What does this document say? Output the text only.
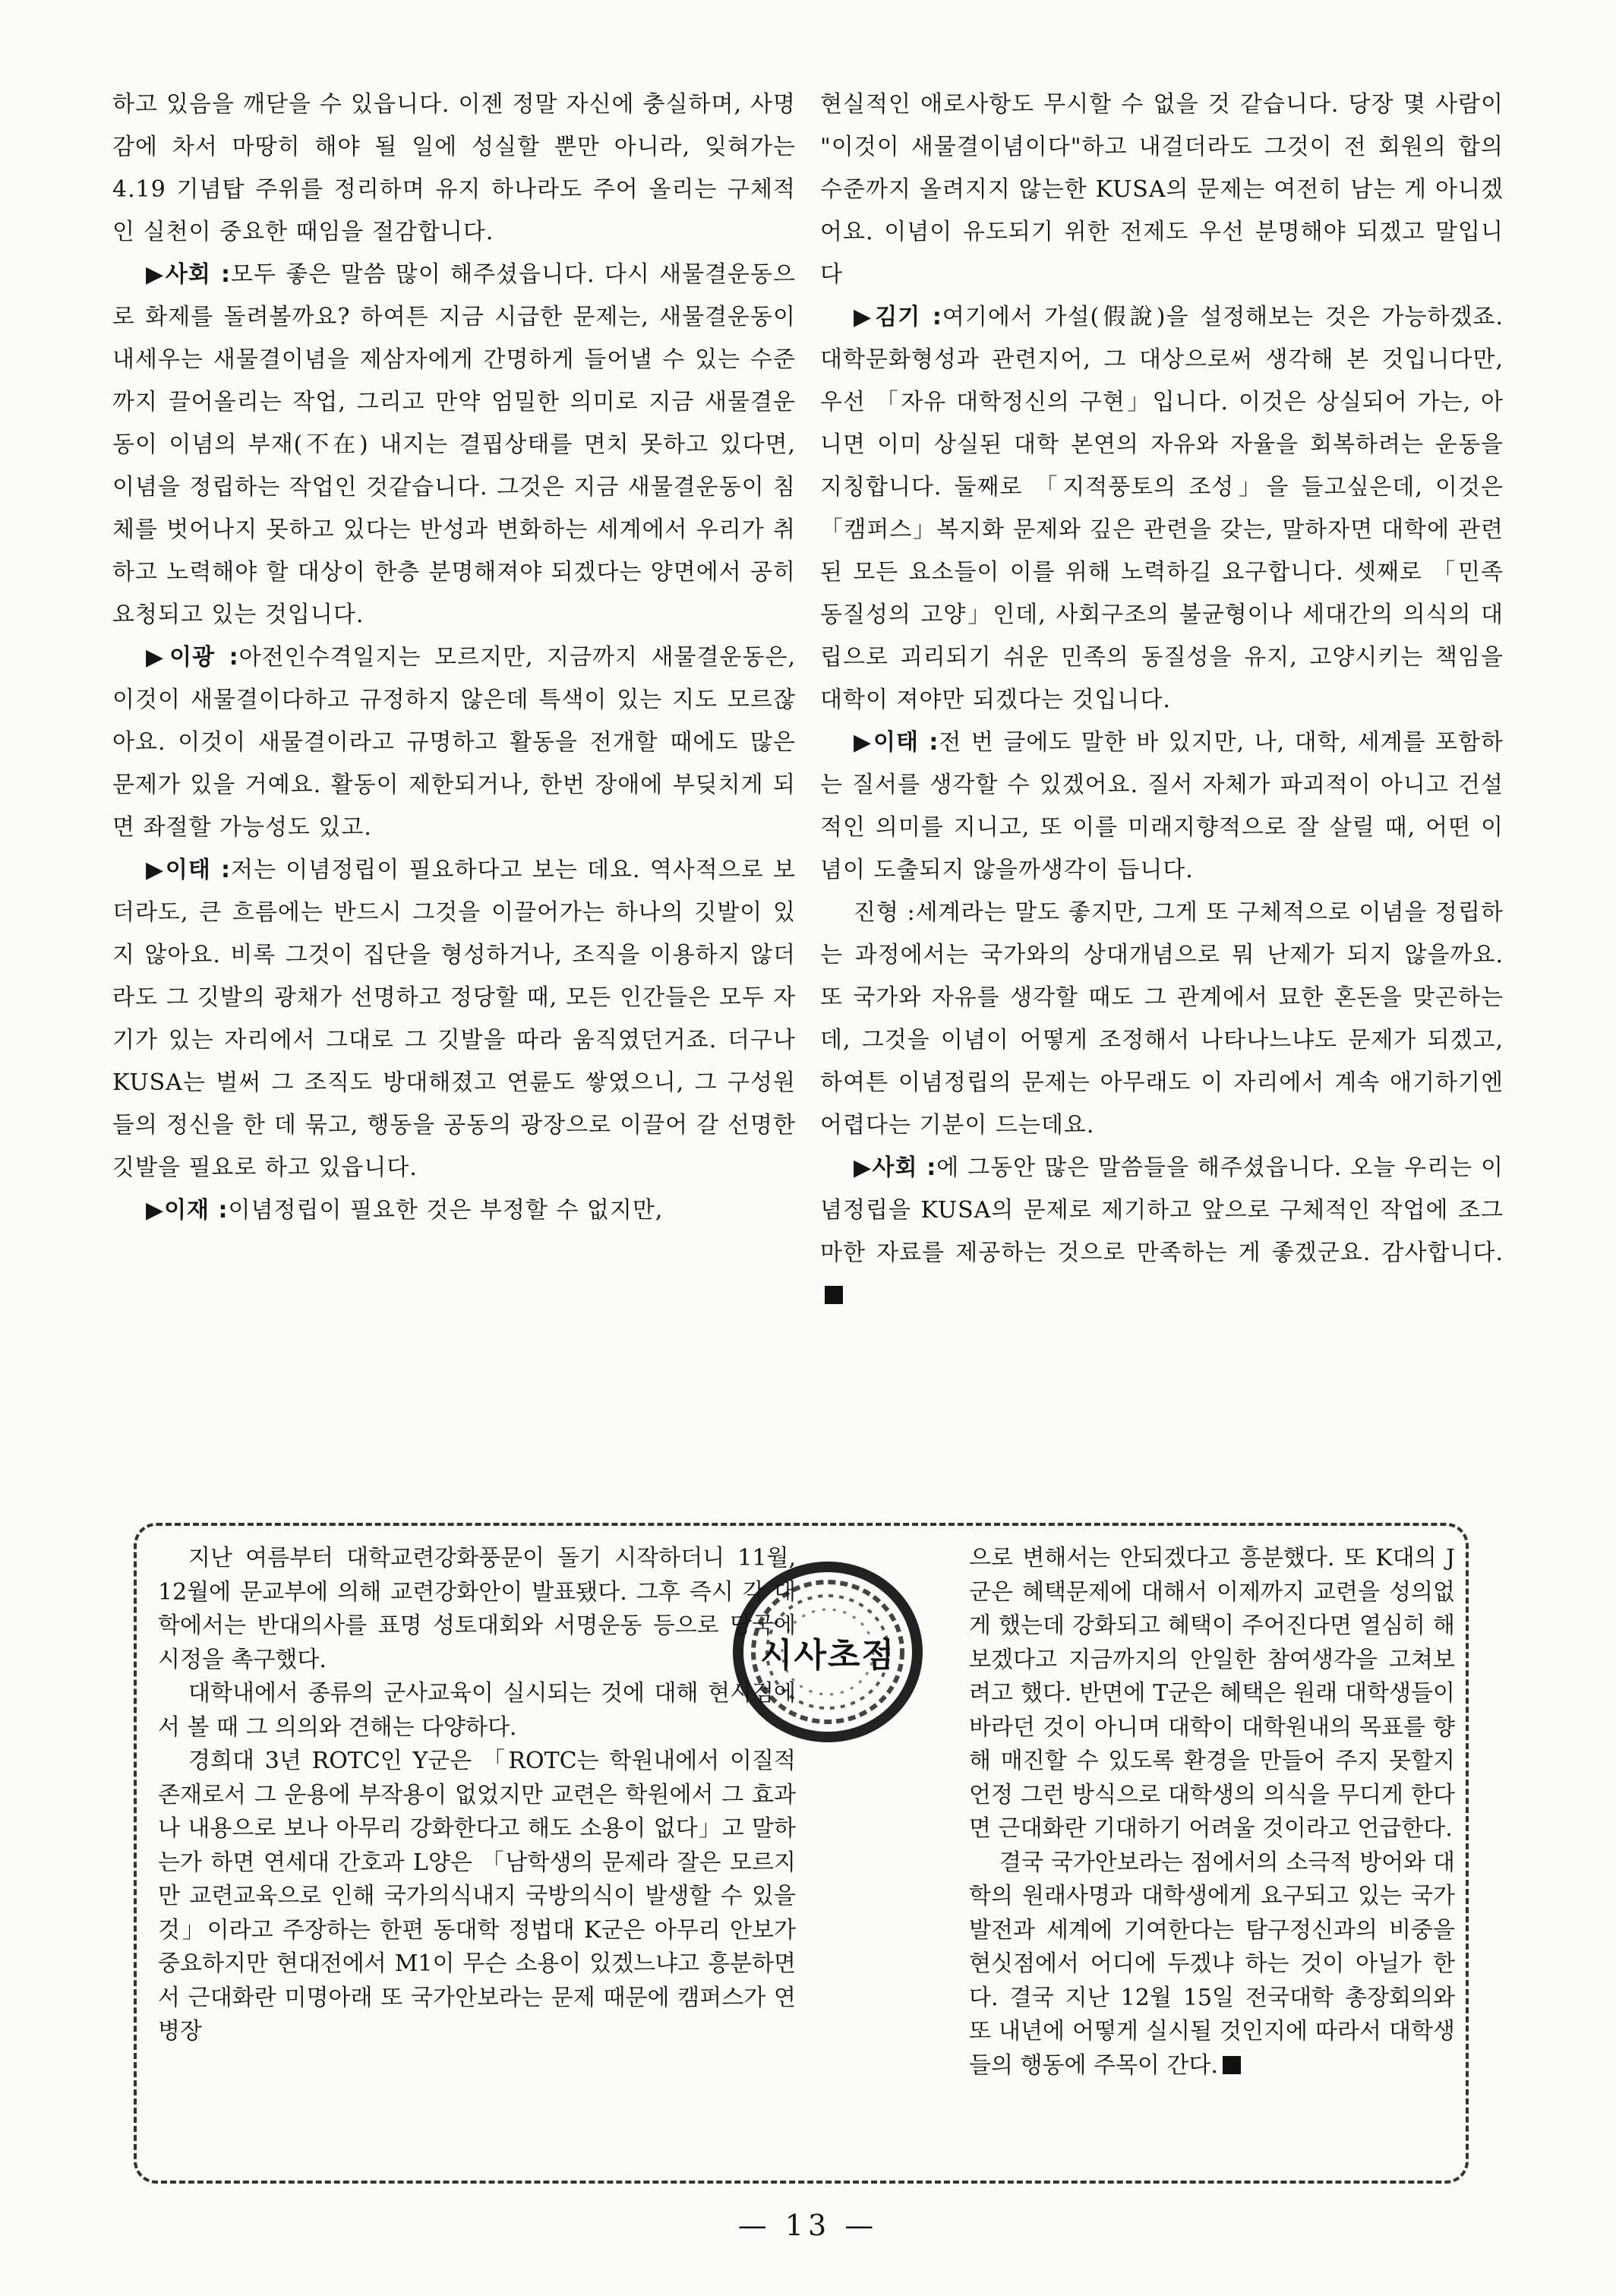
하고 있음을 깨닫을 수 있읍니다. 이젠 정말 자신에 충실하며, 사명감에 차서 마땅히 해야 될 일에 성실할 뿐만 아니라, 잊혀가는 4.19 기념탑 주위를 정리하며 유지 하나라도 주어 올리는 구체적인 실천이 중요한 때임을 절감합니다.

▶사회 :모두 좋은 말씀 많이 해주셨읍니다. 다시 새물결운동으로 화제를 돌려볼까요? 하여튼 지금 시급한 문제는, 새물결운동이 내세우는 새물결이념을 제삼자에게 간명하게 들어낼 수 있는 수준까지 끌어올리는 작업, 그리고 만약 엄밀한 의미로 지금 새물결운동이 이념의 부재(不在) 내지는 결핍상태를 면치 못하고 있다면, 이념을 정립하는 작업인 것같습니다. 그것은 지금 새물결운동이 침체를 벗어나지 못하고 있다는 반성과 변화하는 세계에서 우리가 취하고 노력해야 할 대상이 한층 분명해져야 되겠다는 양면에서 공히 요청되고 있는 것입니다.

▶이광 :아전인수격일지는 모르지만, 지금까지 새물결운동은, 이것이 새물결이다하고 규정하지 않은데 특색이 있는 지도 모르잖아요. 이것이 새물결이라고 규명하고 활동을 전개할 때에도 많은 문제가 있을 거예요. 활동이 제한되거나, 한번 장애에 부딪치게 되면 좌절할 가능성도 있고.

▶이태 :저는 이념정립이 필요하다고 보는 데요. 역사적으로 보더라도, 큰 흐름에는 반드시 그것을 이끌어가는 하나의 깃발이 있지 않아요. 비록 그것이 집단을 형성하거나, 조직을 이용하지 않더라도 그 깃발의 광채가 선명하고 정당할 때, 모든 인간들은 모두 자기가 있는 자리에서 그대로 그 깃발을 따라 움직였던거죠. 더구나 KUSA는 벌써 그 조직도 방대해졌고 연륜도 쌓였으니, 그 구성원들의 정신을 한 데 묶고, 행동을 공동의 광장으로 이끌어 갈 선명한 깃발을 필요로 하고 있읍니다.

▶이재 :이념정립이 필요한 것은 부정할 수 없지만,

현실적인 애로사항도 무시할 수 없을 것 같습니다. 당장 몇 사람이 "이것이 새물결이념이다"하고 내걸더라도 그것이 전 회원의 합의수준까지 올려지지 않는한 KUSA의 문제는 여전히 남는 게 아니겠어요. 이념이 유도되기 위한 전제도 우선 분명해야 되겠고 말입니다

▶김기 :여기에서 가설(假說)을 설정해보는 것은 가능하겠죠. 대학문화형성과 관련지어, 그 대상으로써 생각해 본 것입니다만, 우선 「자유 대학정신의 구현」입니다. 이것은 상실되어 가는, 아니면 이미 상실된 대학 본연의 자유와 자율을 회복하려는 운동을 지칭합니다. 둘째로 「지적풍토의 조성」을 들고싶은데, 이것은 「캠퍼스」복지화 문제와 깊은 관련을 갖는, 말하자면 대학에 관련된 모든 요소들이 이를 위해 노력하길 요구합니다. 셋째로 「민족 동질성의 고양」인데, 사회구조의 불균형이나 세대간의 의식의 대립으로 괴리되기 쉬운 민족의 동질성을 유지, 고양시키는 책임을 대학이 져야만 되겠다는 것입니다.

▶이태 :전 번 글에도 말한 바 있지만, 나, 대학, 세계를 포함하는 질서를 생각할 수 있겠어요. 질서 자체가 파괴적이 아니고 건설적인 의미를 지니고, 또 이를 미래지향적으로 잘 살릴 때, 어떤 이념이 도출되지 않을까생각이 듭니다.

진형 :세계라는 말도 좋지만, 그게 또 구체적으로 이념을 정립하는 과정에서는 국가와의 상대개념으로 뭐 난제가 되지 않을까요. 또 국가와 자유를 생각할 때도 그 관계에서 묘한 혼돈을 맞곤하는데, 그것을 이념이 어떻게 조정해서 나타나느냐도 문제가 되겠고, 하여튼 이념정립의 문제는 아무래도 이 자리에서 계속 애기하기엔 어렵다는 기분이 드는데요.

▶사회 :에 그동안 많은 말씀들을 해주셨읍니다. 오늘 우리는 이념정립을 KUSA의 문제로 제기하고 앞으로 구체적인 작업에 조그마한 자료를 제공하는 것으로 만족하는 게 좋겠군요. 감사합니다.

시사초점

지난 여름부터 대학교련강화풍문이 돌기 시작하더니 11월, 12월에 문교부에 의해 교련강화안이 발표됐다. 그후 즉시 각 대학에서는 반대의사를 표명 성토대회와 서명운동 등으로 당국에 시정을 촉구했다.

대학내에서 종류의 군사교육이 실시되는 것에 대해 현시점에서 볼 때 그 의의와 견해는 다양하다.

경희대 3년 ROTC인 Y군은 「ROTC는 학원내에서 이질적 존재로서 그 운용에 부작용이 없었지만 교련은 학원에서 그 효과나 내용으로 보나 아무리 강화한다고 해도 소용이 없다」고 말하는가 하면 연세대 간호과 L양은 「남학생의 문제라 잘은 모르지만 교련교육으로 인해 국가의식내지 국방의식이 발생할 수 있을 것」이라고 주장하는 한편 동대학 정법대 K군은 아무리 안보가 중요하지만 현대전에서 M1이 무슨 소용이 있겠느냐고 흥분하면서 근대화란 미명아래 또 국가안보라는 문제 때문에 캠퍼스가 연병장

으로 변해서는 안되겠다고 흥분했다. 또 K대의 J군은 혜택문제에 대해서 이제까지 교련을 성의없게 했는데 강화되고 혜택이 주어진다면 열심히 해보겠다고 지금까지의 안일한 참여생각을 고쳐보려고 했다. 반면에 T군은 혜택은 원래 대학생들이 바라던 것이 아니며 대학이 대학원내의 목표를 향해 매진할 수 있도록 환경을 만들어 주지 못할지언정 그런 방식으로 대학생의 의식을 무디게 한다면 근대화란 기대하기 어려울 것이라고 언급한다.

결국 국가안보라는 점에서의 소극적 방어와 대학의 원래사명과 대학생에게 요구되고 있는 국가발전과 세계에 기여한다는 탐구정신과의 비중을 현싯점에서 어디에 두겠냐 하는 것이 아닐가 한다. 결국 지난 12월 15일 전국대학 총장회의와 또 내년에 어떻게 실시될 것인지에 따라서 대학생들의 행동에 주목이 간다.

— 13 —
